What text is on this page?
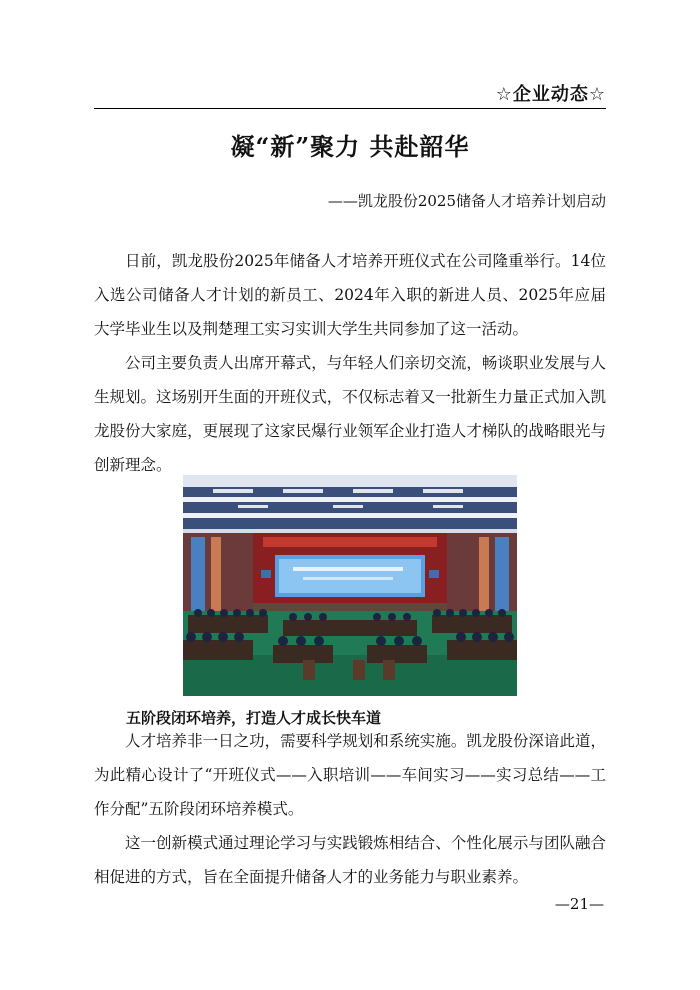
☆企业动态☆
凝“新”聚力 共赴韶华

——凯龙股份2025储备人才培养计划启动

日前，凯龙股份2025年储备人才培养开班仪式在公司隆重举行。14位入选公司储备人才计划的新员工、2024年入职的新进人员、2025年应届大学毕业生以及荆楚理工实习实训大学生共同参加了这一活动。

公司主要负责人出席开幕式，与年轻人们亲切交流，畅谈职业发展与人生规划。这场别开生面的开班仪式，不仅标志着又一批新生力量正式加入凯龙股份大家庭，更展现了这家民爆行业领军企业打造人才梯队的战略眼光与创新理念。

五阶段闭环培养，打造人才成长快车道

人才培养非一日之功，需要科学规划和系统实施。凯龙股份深谙此道，为此精心设计了“开班仪式——入职培训——车间实习——实习总结——工作分配”五阶段闭环培养模式。

这一创新模式通过理论学习与实践锻炼相结合、个性化展示与团队融合相促进的方式，旨在全面提升储备人才的业务能力与职业素养。

—21—
